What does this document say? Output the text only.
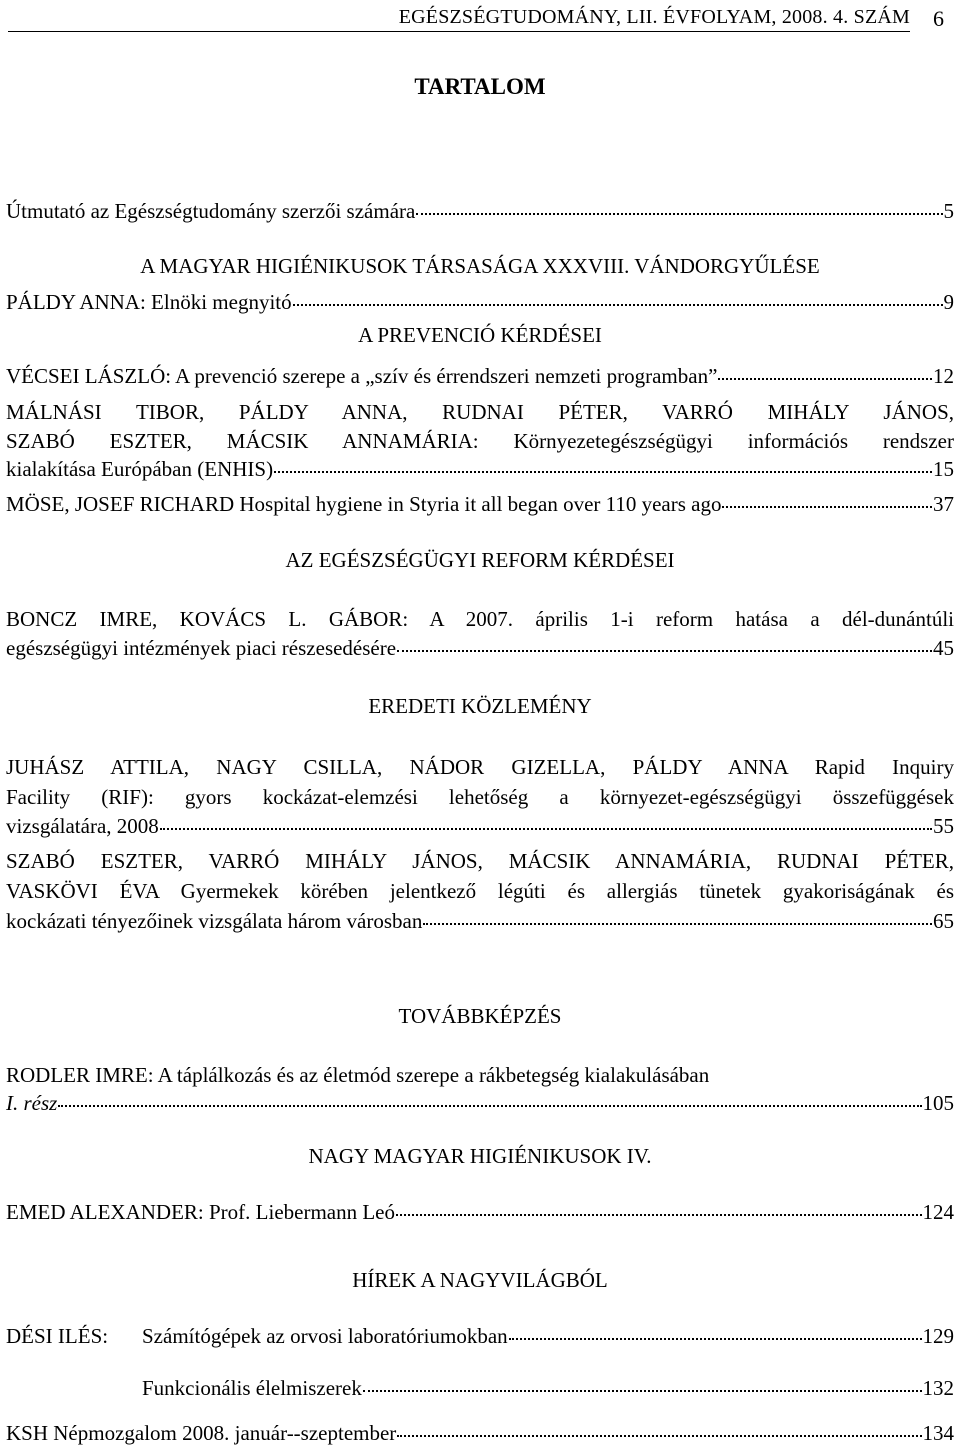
EGÉSZSÉGTUDOMÁNY, LII. ÉVFOLYAM, 2008. 4. SZÁM 6
TARTALOM
Útmutató az Egészségtudomány szerzői számára	5
A MAGYAR HIGIÉNIKUSOK TÁRSASÁGA XXXVIII. VÁNDORGYŰLÉSE
PÁLDY ANNA: Elnöki megnyitó	9
A PREVENCIÓ KÉRDÉSEI
VÉCSEI LÁSZLÓ: A prevenció szerepe a „szív és érrendszeri nemzeti programban”	12
MÁLNÁSI TIBOR, PÁLDY ANNA, RUDNAI PÉTER, VARRÓ MIHÁLY JÁNOS,
SZABÓ ESZTER, MÁCSIK ANNAMÁRIA: Környezetegészségügyi információs rendszer
kialakítása Európában (ENHIS)	15
MÖSE, JOSEF RICHARD Hospital hygiene in Styria it all began over 110 years ago	37
AZ EGÉSZSÉGÜGYI REFORM KÉRDÉSEI
BONCZ IMRE, KOVÁCS L. GÁBOR: A 2007. április 1-i reform hatása a dél-dunántúli
egészségügyi intézmények piaci részesedésére	45
EREDETI KÖZLEMÉNY
JUHÁSZ ATTILA, NAGY CSILLA, NÁDOR GIZELLA, PÁLDY ANNA Rapid Inquiry
Facility (RIF): gyors kockázat-elemzési lehetőség a környezet-egészségügyi összefüggések
vizsgálatára, 2008	55
SZABÓ ESZTER, VARRÓ MIHÁLY JÁNOS, MÁCSIK ANNAMÁRIA, RUDNAI PÉTER,
VASKÖVI ÉVA Gyermekek körében jelentkező légúti és allergiás tünetek gyakoriságának és
kockázati tényezőinek vizsgálata három városban	65
TOVÁBBKÉPZÉS
RODLER IMRE: A táplálkozás és az életmód szerepe a rákbetegség kialakulásában
I. rész	105
NAGY MAGYAR HIGIÉNIKUSOK IV.
EMED ALEXANDER: Prof. Liebermann Leó	124
HÍREK A NAGYVILÁGBÓL
DÉSI ILÉS:	Számítógépek az orvosi laboratóriumokban	129
Funkcionális élelmiszerek	132
KSH Népmozgalom 2008. január--szeptember	134
